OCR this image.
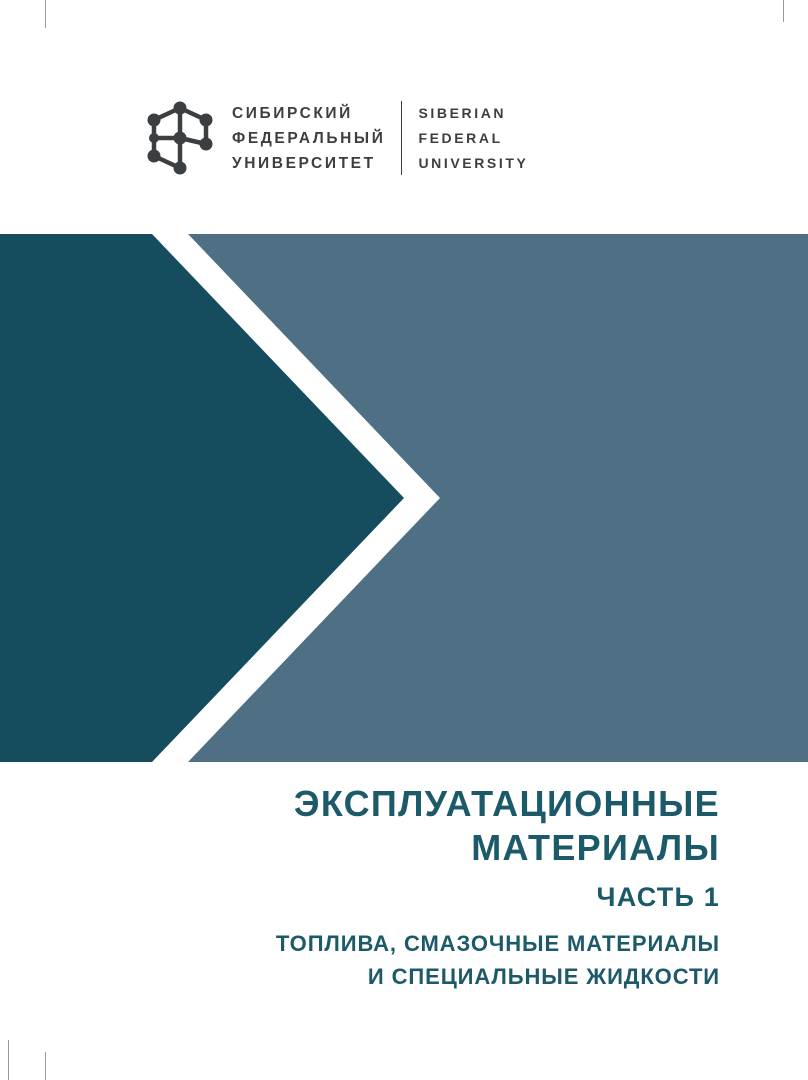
СИБИРСКИЙ
ФЕДЕРАЛЬНЫЙ
УНИВЕРСИТЕТ
SIBERIAN
FEDERAL
UNIVERSITY
ЭКСПЛУАТАЦИОННЫЕ
МАТЕРИАЛЫ
ЧАСТЬ 1
ТОПЛИВА, СМАЗОЧНЫЕ МАТЕРИАЛЫ
И СПЕЦИАЛЬНЫЕ ЖИДКОСТИ
